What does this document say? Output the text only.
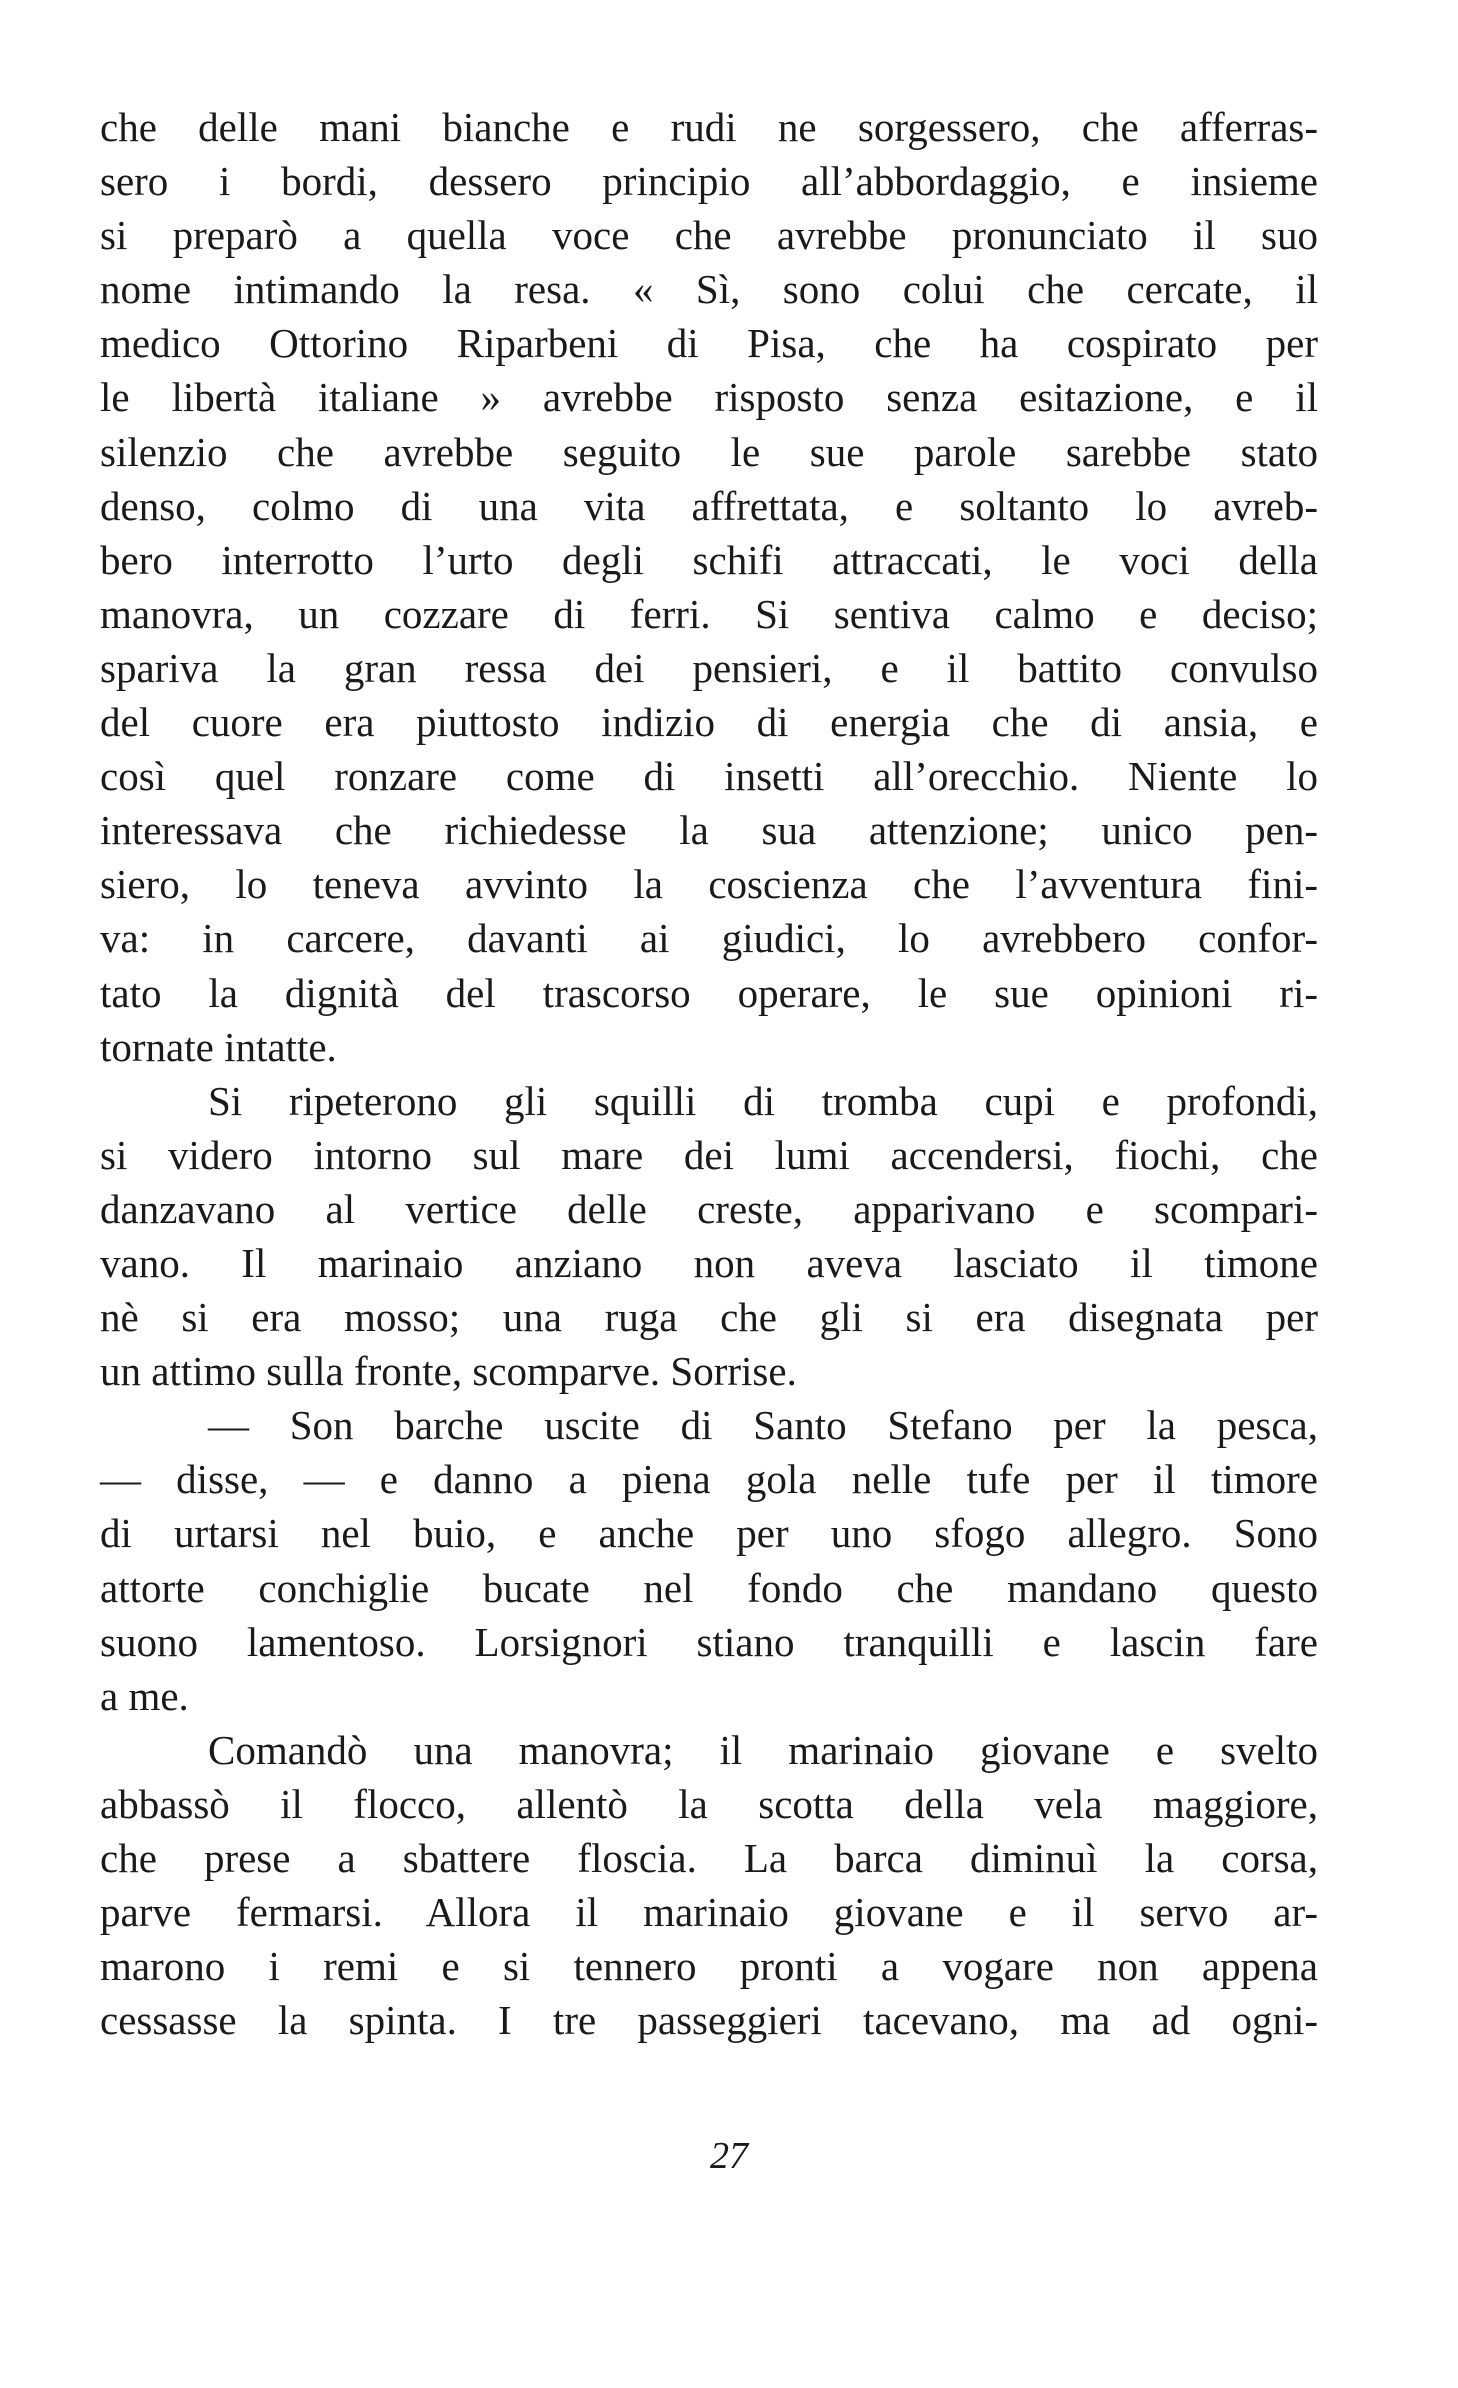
che delle mani bianche e rudi ne sorgessero, che afferras-
sero i bordi, dessero principio all’abbordaggio, e insieme
si preparò a quella voce che avrebbe pronunciato il suo
nome intimando la resa. « Sì, sono colui che cercate, il
medico Ottorino Riparbeni di Pisa, che ha cospirato per
le libertà italiane » avrebbe risposto senza esitazione, e il
silenzio che avrebbe seguito le sue parole sarebbe stato
denso, colmo di una vita affrettata, e soltanto lo avreb-
bero interrotto l’urto degli schifi attraccati, le voci della
manovra, un cozzare di ferri. Si sentiva calmo e deciso;
spariva la gran ressa dei pensieri, e il battito convulso
del cuore era piuttosto indizio di energia che di ansia, e
così quel ronzare come di insetti all’orecchio. Niente lo
interessava che richiedesse la sua attenzione; unico pen-
siero, lo teneva avvinto la coscienza che l’avventura fini-
va: in carcere, davanti ai giudici, lo avrebbero confor-
tato la dignità del trascorso operare, le sue opinioni ri-
tornate intatte.
Si ripeterono gli squilli di tromba cupi e profondi,
si videro intorno sul mare dei lumi accendersi, fiochi, che
danzavano al vertice delle creste, apparivano e scompari-
vano. Il marinaio anziano non aveva lasciato il timone
nè si era mosso; una ruga che gli si era disegnata per
un attimo sulla fronte, scomparve. Sorrise.
— Son barche uscite di Santo Stefano per la pesca,
— disse, — e danno a piena gola nelle tufe per il timore
di urtarsi nel buio, e anche per uno sfogo allegro. Sono
attorte conchiglie bucate nel fondo che mandano questo
suono lamentoso. Lorsignori stiano tranquilli e lascin fare
a me.
Comandò una manovra; il marinaio giovane e svelto
abbassò il flocco, allentò la scotta della vela maggiore,
che prese a sbattere floscia. La barca diminuì la corsa,
parve fermarsi. Allora il marinaio giovane e il servo ar-
marono i remi e si tennero pronti a vogare non appena
cessasse la spinta. I tre passeggieri tacevano, ma ad ogni-
27
